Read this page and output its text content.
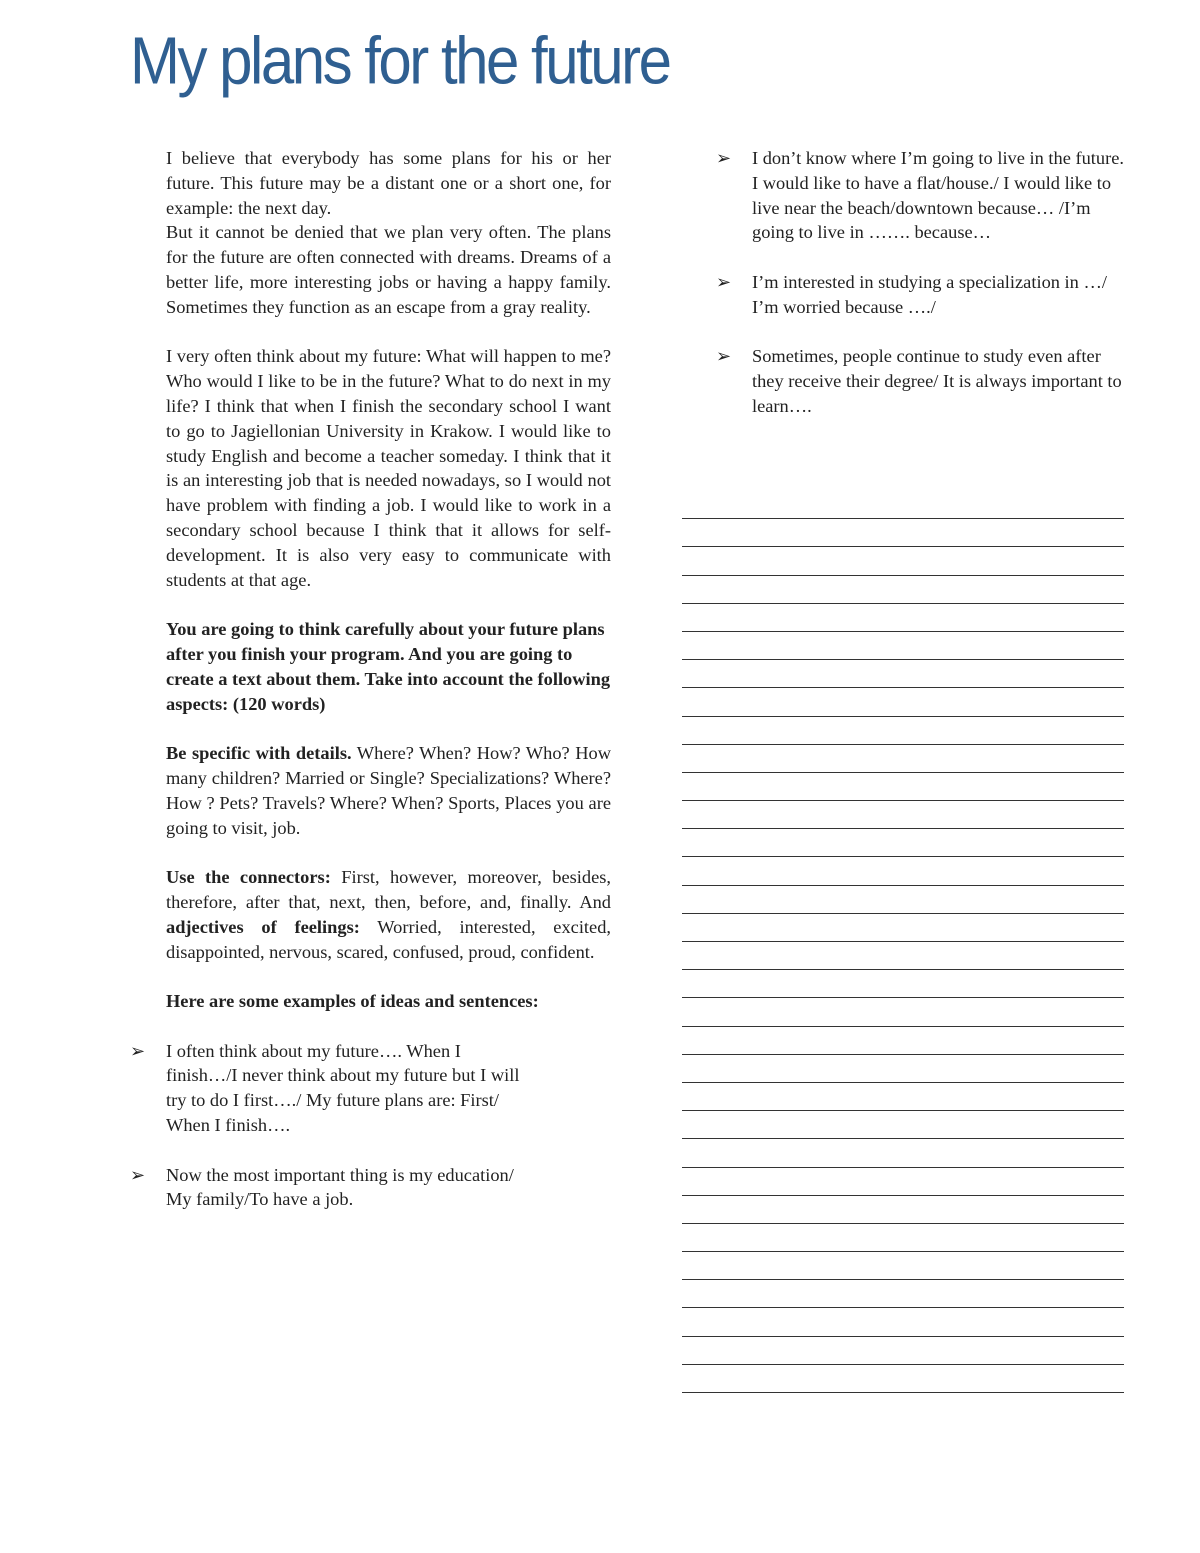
My plans for the future

I believe that everybody has some plans for his or her future. This future may be a distant one or a short one, for example: the next day.

But it cannot be denied that we plan very often. The plans for the future are often connected with dreams. Dreams of a better life, more interesting jobs or having a happy family. Sometimes they function as an escape from a gray reality.

I very often think about my future: What will happen to me? Who would I like to be in the future? What to do next in my life? I think that when I finish the secondary school I want to go to Jagiellonian University in Krakow. I would like to study English and become a teacher someday. I think that it is an interesting job that is needed nowadays, so I would not have problem with finding a job. I would like to work in a secondary school because I think that it allows for self-development. It is also very easy to communicate with students at that age.

You are going to think carefully about your future plans after you finish your program. And you are going to create a text about them. Take into account the following aspects: (120 words)

Be specific with details. Where? When? How? Who? How many children? Married or Single? Specializations? Where? How ? Pets? Travels? Where? When? Sports, Places you are going to visit, job.

Use the connectors: First, however, moreover, besides, therefore, after that, next, then, before, and, finally. And adjectives of feelings: Worried, interested, excited, disappointed, nervous, scared, confused, proud, confident.

Here are some examples of ideas and sentences:

➢ I often think about my future…. When I finish…/I never think about my future but I will try to do I first…./ My future plans are: First/ When I finish….
➢ Now the most important thing is my education/ My family/To have a job.
➢ I don’t know where I’m going to live in the future. I would like to have a flat/house./ I would like to live near the beach/downtown because… /I’m going to live in ……. because…
➢ I’m interested in studying a specialization in …/ I’m worried because …./
➢ Sometimes, people continue to study even after they receive their degree/ It is always important to learn….
